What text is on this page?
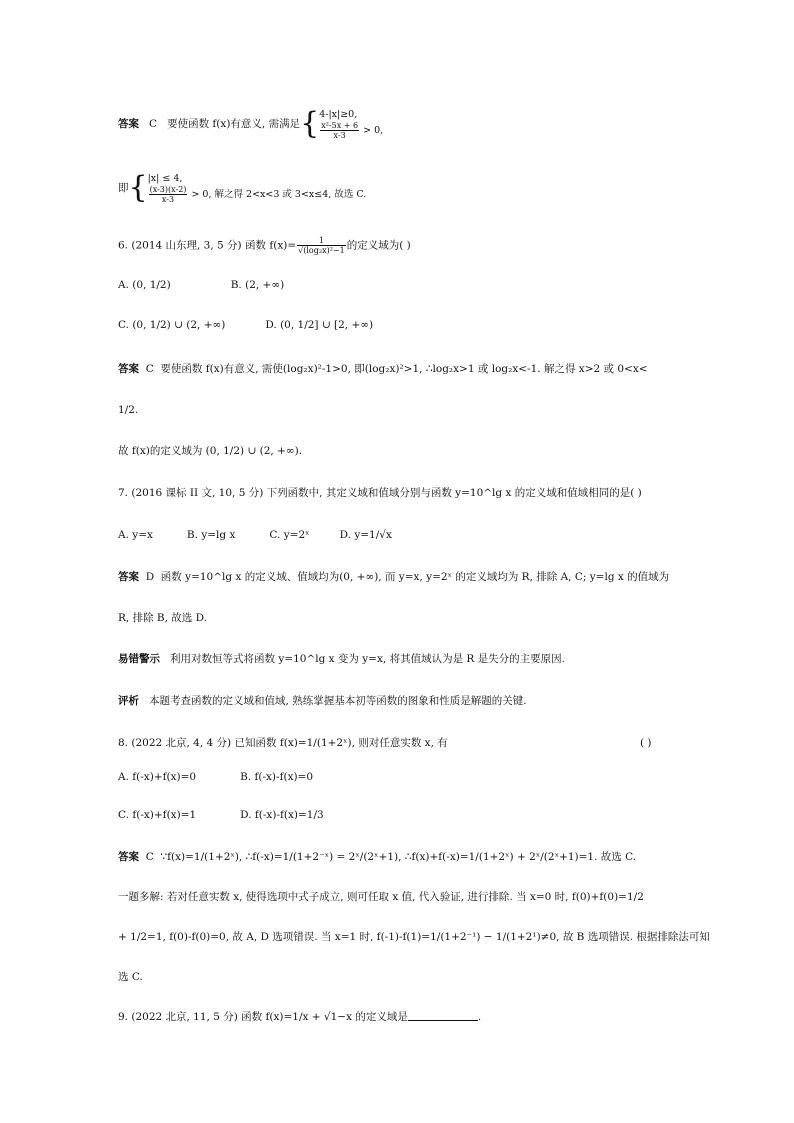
答案 C 要使函数 f(x)有意义, 需满足{4-|x|≥0,

$\frac{\text{x²-5x + 6}}{x-3} > 0$,
即{|x| ≤ 4,

$\frac{(x-3)(x-2)}{x-3} > 0$, 解之得 2<x<3 或 3<x≤4, 故选 C.
6. (2014 山东理, 3, 5 分) 函数 $f(x)= \frac{1}{\text{√(log₂x)²−1}}$ 的定义域为( )
A. (0, 1/2)	B. (2, +∞)
C. (0, 1/2) ∪ (2, +∞)	D. (0, 1/2] ∪ [2, +∞)
答案 C 要使函数 f(x)有意义, 需使(log₂x)²-1>0, 即(log₂x)²>1, ∴log₂x>1 或 log₂x<-1. 解之得 x>2 或 0<x<
1/2.
故 f(x)的定义域为 (0, 1/2) ∪ (2, +∞).
7. (2016 课标 II 文, 10, 5 分) 下列函数中, 其定义域和值域分别与函数 y=10^lg x 的定义域和值域相同的是( )
A. y=x	B. y=lg x	C. y=2ˣ	D. y=1/√x
答案 D 函数 y=10^lg x 的定义域、值域均为(0, +∞), 而 y=x, y=2ˣ 的定义域均为 R, 排除 A, C; y=lg x 的值域为
R, 排除 B, 故选 D.
易错警示 利用对数恒等式将函数 y=10^lg x 变为 y=x, 将其值域认为是 R 是失分的主要原因.
评析 本题考查函数的定义域和值域, 熟练掌握基本初等函数的图象和性质是解题的关键.
8. (2022 北京, 4, 4 分) 已知函数 f(x)=1/(1+2ˣ), 则对任意实数 x, 有	( )
A. f(-x)+f(x)=0	B. f(-x)-f(x)=0
C. f(-x)+f(x)=1	D. f(-x)-f(x)=1/3
答案 C ∵f(x)=1/(1+2ˣ), ∴f(-x)=1/(1+2⁻ˣ) = 2ˣ/(2ˣ+1), ∴f(x)+f(-x)=1/(1+2ˣ) + 2ˣ/(2ˣ+1)=1. 故选 C.
一题多解: 若对任意实数 x, 使得选项中式子成立, 则可任取 x 值, 代入验证, 进行排除. 当 x=0 时, f(0)+f(0)=1/2
+ 1/2=1, f(0)-f(0)=0, 故 A, D 选项错误. 当 x=1 时, f(-1)-f(1)=1/(1+2⁻¹) − 1/(1+2¹)≠0, 故 B 选项错误. 根据排除法可知
选 C.
9. (2022 北京, 11, 5 分) 函数 f(x)=1/x + √1−x 的定义域是	.
